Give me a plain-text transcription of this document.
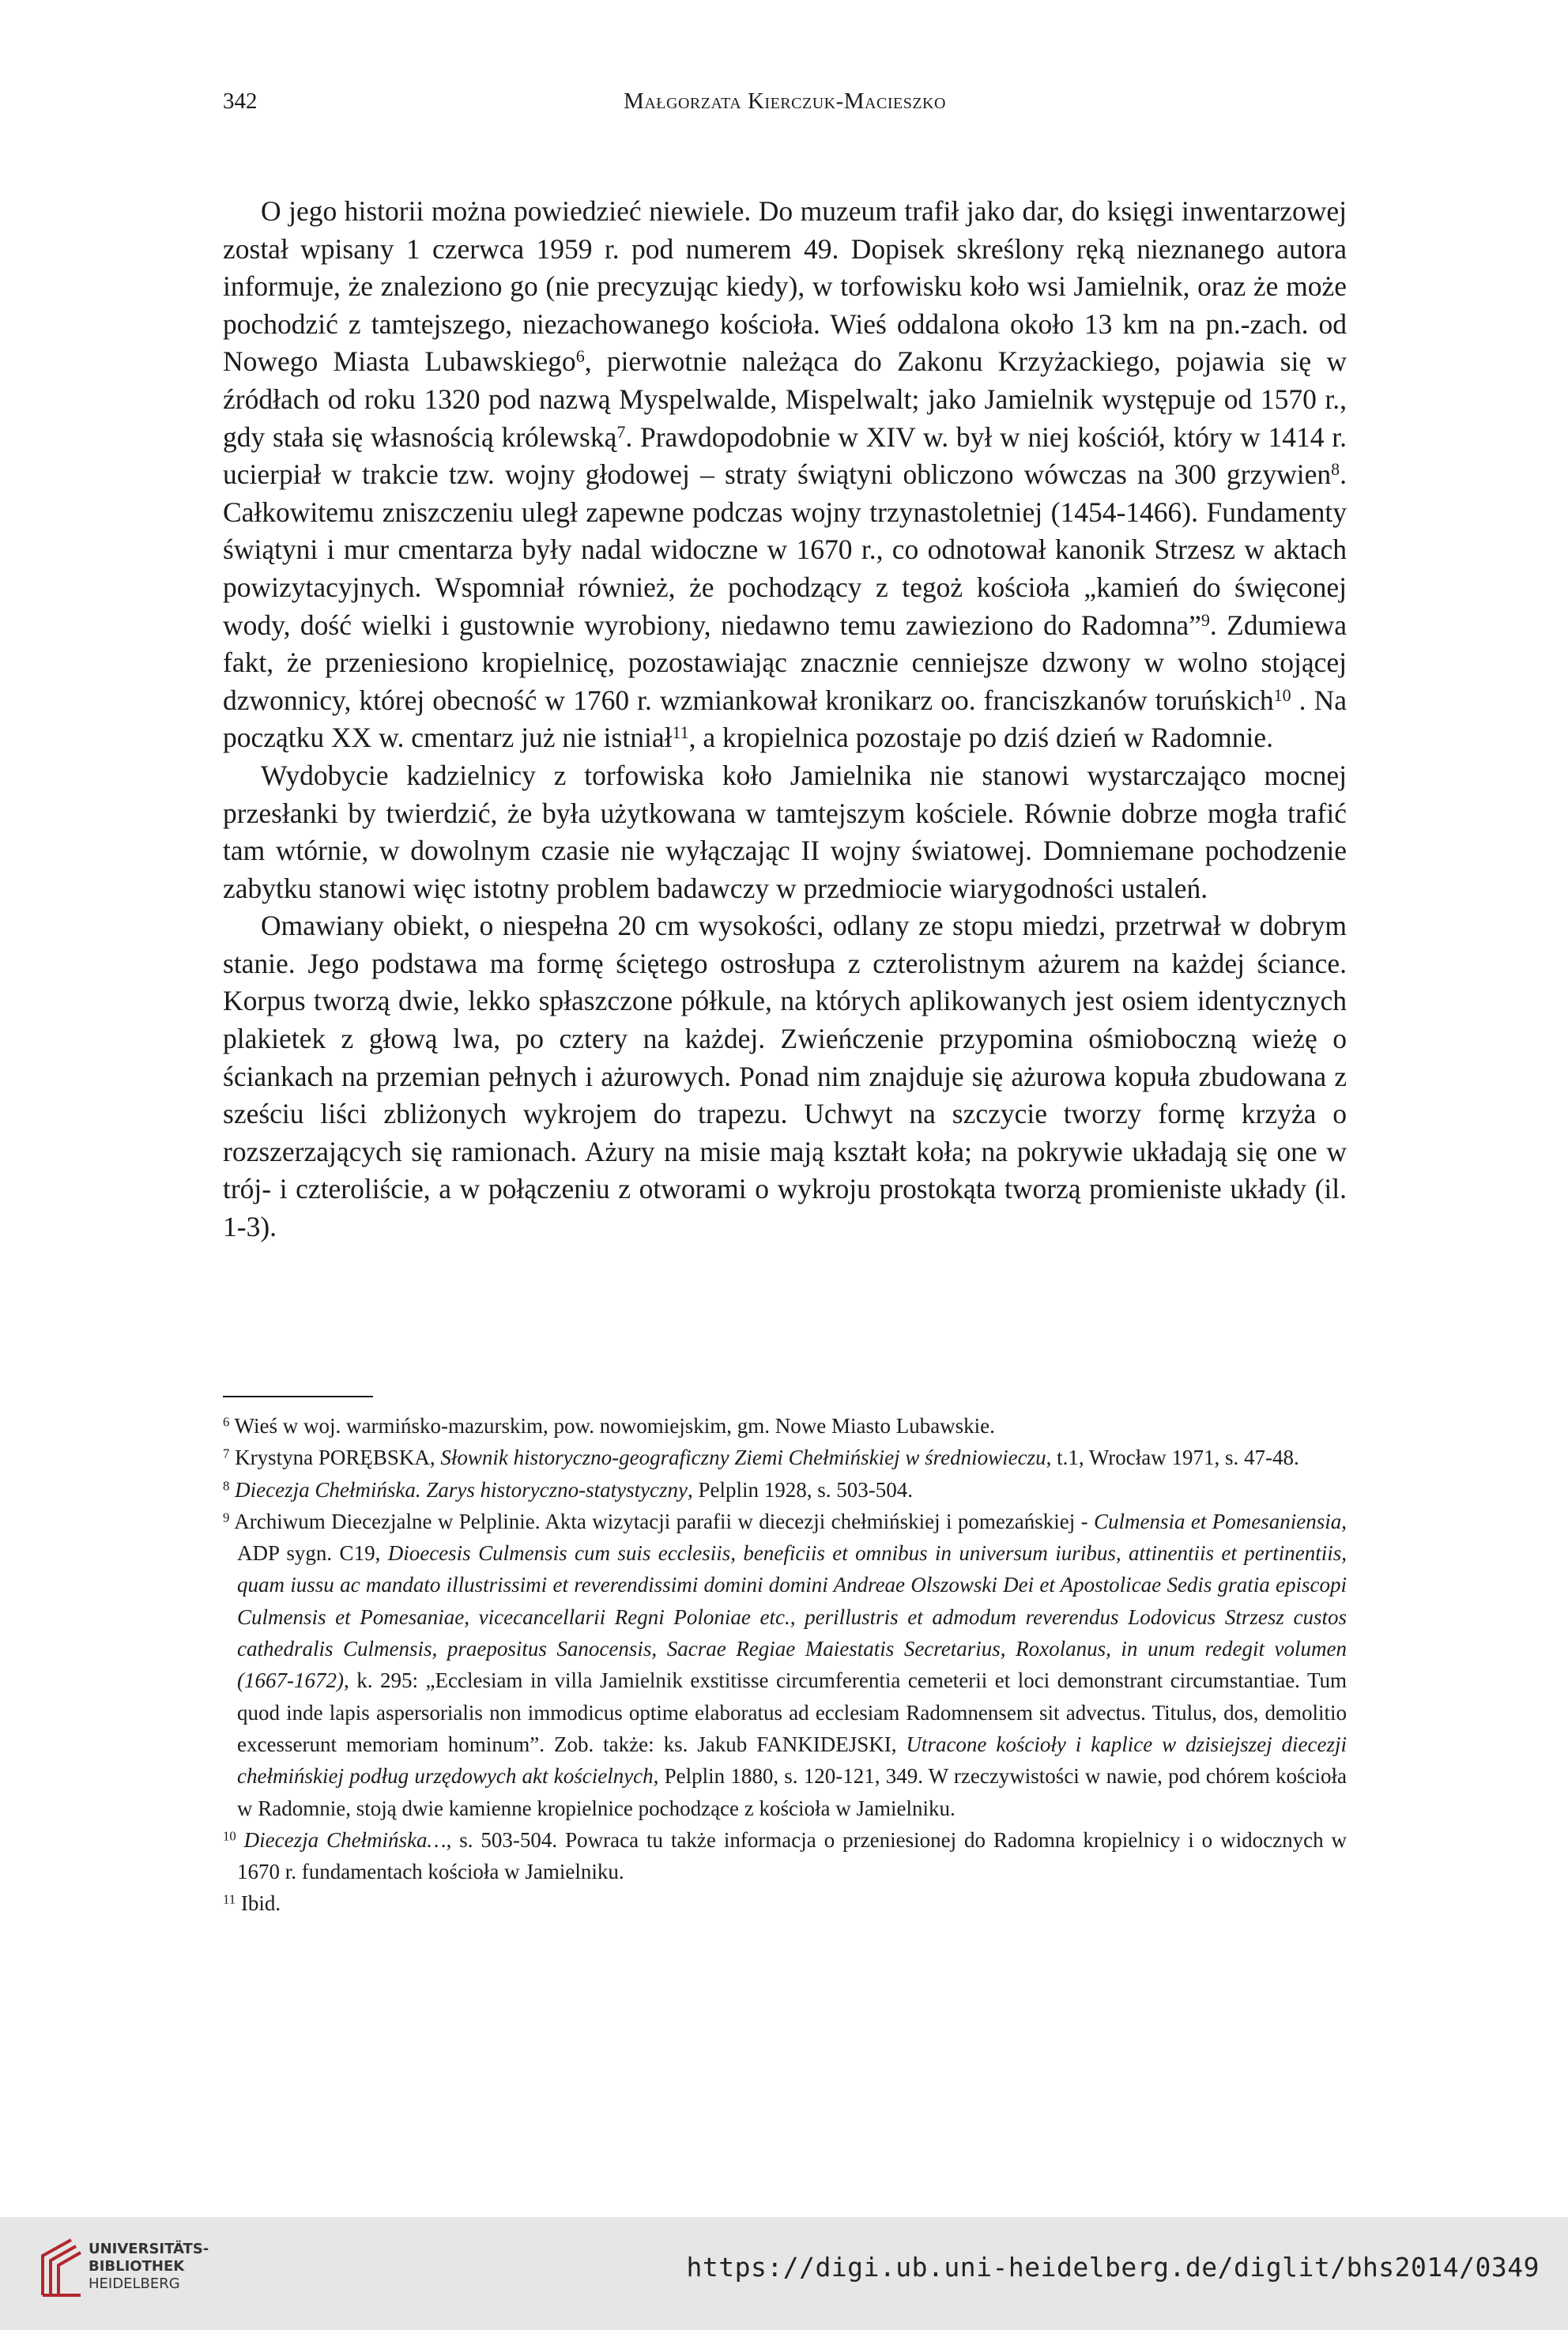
342	Małgorzata Kierczuk-Macieszko

O jego historii można powiedzieć niewiele. Do muzeum trafił jako dar, do księgi inwentarzowej został wpisany 1 czerwca 1959 r. pod numerem 49. Dopisek skreślony ręką nieznanego autora informuje, że znaleziono go (nie precyzując kiedy), w torfowisku koło wsi Jamielnik, oraz że może pochodzić z tamtejszego, niezachowanego kościoła. Wieś oddalona około 13 km na pn.-zach. od Nowego Miasta Lubawskiego$^6$, pierwotnie należąca do Zakonu Krzyżackiego, pojawia się w źródłach od roku 1320 pod nazwą Myspelwalde, Mispelwalt; jako Jamielnik występuje od 1570 r., gdy stała się własnością królewską$^7$. Prawdopodobnie w XIV w. był w niej kościół, który w 1414 r. ucierpiał w trakcie tzw. wojny głodowej – straty świątyni obliczono wówczas na 300 grzywien$^8$. Całkowitemu zniszczeniu uległ zapewne podczas wojny trzynastoletniej (1454-1466). Fundamenty świątyni i mur cmentarza były nadal widoczne w 1670 r., co odnotował kanonik Strzesz w aktach powizytacyjnych. Wspomniał również, że pochodzący z tegoż kościoła „kamień do święconej wody, dość wielki i gustownie wyrobiony, niedawno temu zawieziono do Radomna”$^9$. Zdumiewa fakt, że przeniesiono kropielnicę, pozostawiając znacznie cenniejsze dzwony w wolno stojącej dzwonnicy, której obecność w 1760 r. wzmiankował kronikarz oo. franciszkanów toruńskich$^{10}$ . Na początku XX w. cmentarz już nie istniał$^{11}$, a kropielnica pozostaje po dziś dzień w Radomnie.

Wydobycie kadzielnicy z torfowiska koło Jamielnika nie stanowi wystarczająco mocnej przesłanki by twierdzić, że była użytkowana w tamtejszym kościele. Równie dobrze mogła trafić tam wtórnie, w dowolnym czasie nie wyłączając II wojny światowej. Domniemane pochodzenie zabytku stanowi więc istotny problem badawczy w przedmiocie wiarygodności ustaleń.

Omawiany obiekt, o niespełna 20 cm wysokości, odlany ze stopu miedzi, przetrwał w dobrym stanie. Jego podstawa ma formę ściętego ostrosłupa z czterolistnym ażurem na każdej ściance. Korpus tworzą dwie, lekko spłaszczone półkule, na których aplikowanych jest osiem identycznych plakietek z głową lwa, po cztery na każdej. Zwieńczenie przypomina ośmioboczną wieżę o ściankach na przemian pełnych i ażurowych. Ponad nim znajduje się ażurowa kopuła zbudowana z sześciu liści zbliżonych wykrojem do trapezu. Uchwyt na szczycie tworzy formę krzyża o rozszerzających się ramionach. Ażury na misie mają kształt koła; na pokrywie układają się one w trój- i czteroliście, a w połączeniu z otworami o wykroju prostokąta tworzą promieniste układy (il. 1-3).

$^6$ Wieś w woj. warmińsko-mazurskim, pow. nowomiejskim, gm. Nowe Miasto Lubawskie.

$^7$ Krystyna PORĘBSKA, Słownik historyczno-geograficzny Ziemi Chełmińskiej w średniowieczu, t.1, Wrocław 1971, s. 47-48.

$^8$ Diecezja Chełmińska. Zarys historyczno-statystyczny, Pelplin 1928, s. 503-504.

$^9$ Archiwum Diecezjalne w Pelplinie. Akta wizytacji parafii w diecezji chełmińskiej i pomezańskiej - Culmensia et Pomesaniensia, ADP sygn. C19, Dioecesis Culmensis cum suis ecclesiis, beneficiis et omnibus in universum iuribus, attinentiis et pertinentiis, quam iussu ac mandato illustrissimi et reverendissimi domini domini Andreae Olszowski Dei et Apostolicae Sedis gratia episcopi Culmensis et Pomesaniae, vicecancellarii Regni Poloniae etc., perillustris et admodum reverendus Lodovicus Strzesz custos cathedralis Culmensis, praepositus Sanocensis, Sacrae Regiae Maiestatis Secretarius, Roxolanus, in unum redegit volumen (1667-1672), k. 295: „Ecclesiam in villa Jamielnik exstitisse circumferentia cemeterii et loci demonstrant circumstantiae. Tum quod inde lapis aspersorialis non immodicus optime elaboratus ad ecclesiam Radomnensem sit advectus. Titulus, dos, demolitio excesserunt memoriam hominum”. Zob. także: ks. Jakub FANKIDEJSKI, Utracone kościoły i kaplice w dzisiejszej diecezji chełmińskiej podług urzędowych akt kościelnych, Pelplin 1880, s. 120-121, 349. W rzeczywistości w nawie, pod chórem kościoła w Radomnie, stoją dwie kamienne kropielnice pochodzące z kościoła w Jamielniku.

$^{10}$ Diecezja Chełmińska…, s. 503-504. Powraca tu także informacja o przeniesionej do Radomna kropielnicy i o widocznych w 1670 r. fundamentach kościoła w Jamielniku.

$^{11}$ Ibid.

UNIVERSITÄTS-
BIBLIOTHEK
HEIDELBERG
https://digi.ub.uni-heidelberg.de/diglit/bhs2014/0349
